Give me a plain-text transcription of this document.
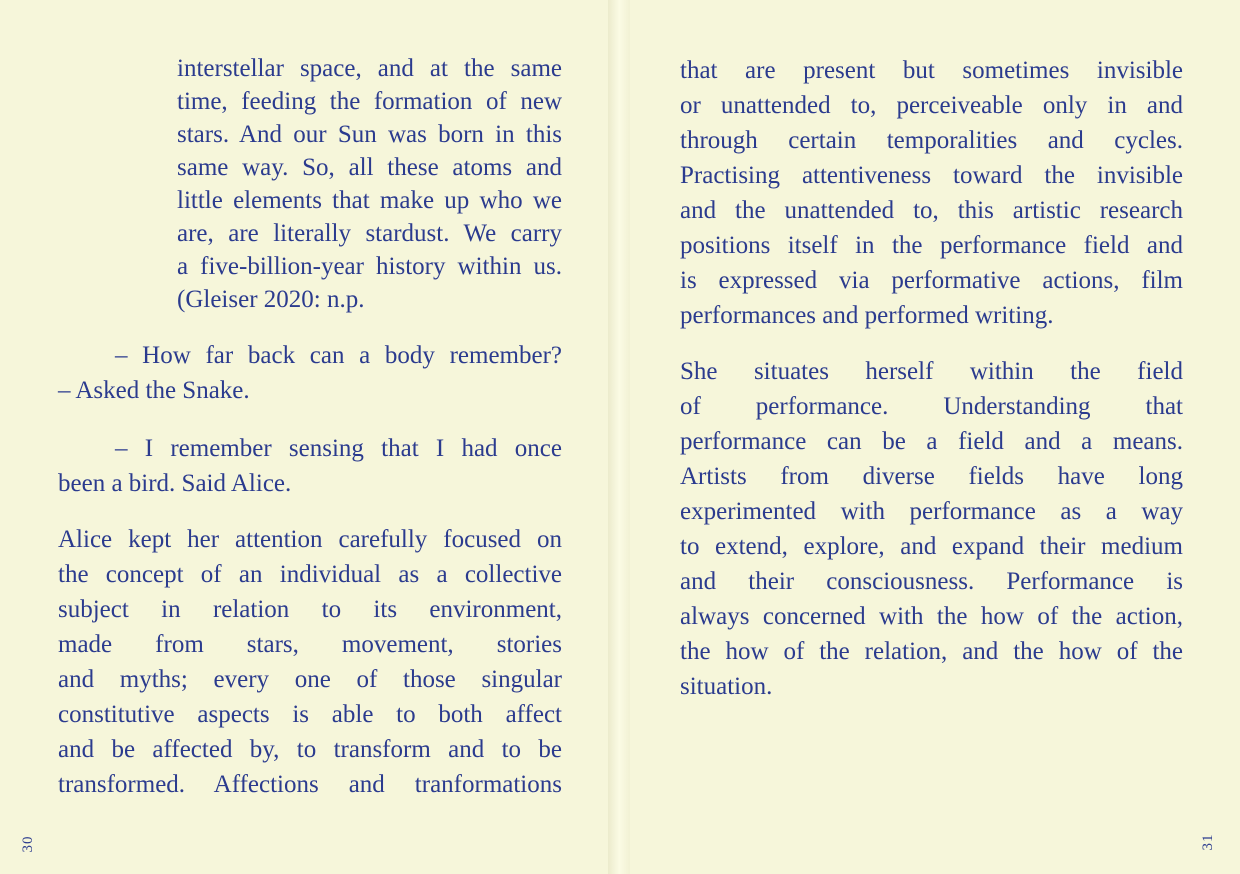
interstellar space, and at the same
time, feeding the formation of new
stars. And our Sun was born in this
same way. So, all these atoms and
little elements that make up who we
are, are literally stardust. We carry
a five-billion-year history within us.
(Gleiser 2020: n.p.
– How far back can a body remember?
– Asked the Snake.
– I remember sensing that I had once
been a bird. Said Alice.
Alice kept her attention carefully focused on
the concept of an individual as a collective
subject in relation to its environment,
made from stars, movement, stories
and myths; every one of those singular
constitutive aspects is able to both affect
and be affected by, to transform and to be
transformed. Affections and tranformations
that are present but sometimes invisible
or unattended to, perceiveable only in and
through certain temporalities and cycles.
Practising attentiveness toward the invisible
and the unattended to, this artistic research
positions itself in the performance field and
is expressed via performative actions, film
performances and performed writing.
She situates herself within the field
of performance. Understanding that
performance can be a field and a means.
Artists from diverse fields have long
experimented with performance as a way
to extend, explore, and expand their medium
and their consciousness. Performance is
always concerned with the how of the action,
the how of the relation, and the how of the
situation.
30	31
